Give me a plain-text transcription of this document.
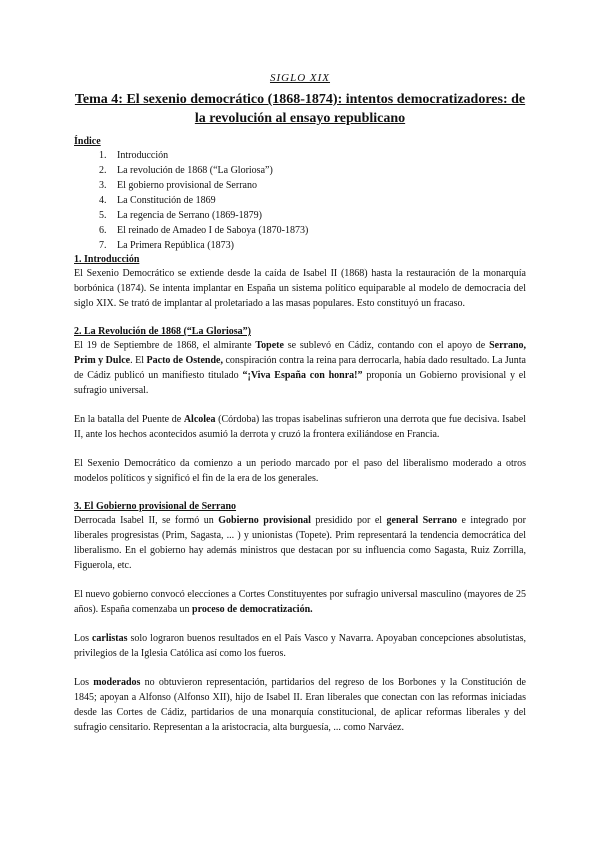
SIGLO XIX
Tema 4: El sexenio democrático (1868-1874): intentos democratizadores: de la revolución al ensayo republicano
Índice
1.	Introducción
2.	La revolución de 1868 (“La Gloriosa”)
3.	El gobierno provisional de Serrano
4.	La Constitución de 1869
5.	La regencia de Serrano (1869-1879)
6.	El reinado de Amadeo I de Saboya (1870-1873)
7.	La Primera República (1873)
1. Introducción

El Sexenio Democrático se extiende desde la caída de Isabel II (1868) hasta la restauración de la monarquía borbónica (1874). Se intenta implantar en España un sistema político equiparable al modelo de democracia del siglo XIX. Se trató de implantar al proletariado a las masas populares. Esto constituyó un fracaso.

2. La Revolución de 1868 (“La Gloriosa”)

El 19 de Septiembre de 1868, el almirante Topete se sublevó en Cádiz, contando con el apoyo de Serrano, Prim y Dulce. El Pacto de Ostende, conspiración contra la reina para derrocarla, había dado resultado. La Junta de Cádiz publicó un manifiesto titulado “¡Viva España con honra!” proponía un Gobierno provisional y el sufragio universal.

En la batalla del Puente de Alcolea (Córdoba) las tropas isabelinas sufrieron una derrota que fue decisiva. Isabel II, ante los hechos acontecidos asumió la derrota y cruzó la frontera exiliándose en Francia.

El Sexenio Democrático da comienzo a un periodo marcado por el paso del liberalismo moderado a otros modelos políticos y significó el fin de la era de los generales.

3. El Gobierno provisional de Serrano

Derrocada Isabel II, se formó un Gobierno provisional presidido por el general Serrano e integrado por liberales progresistas (Prim, Sagasta, ... ) y unionistas (Topete). Prim representará la tendencia democrática del liberalismo. En el gobierno hay además ministros que destacan por su influencia como Sagasta, Ruiz Zorrilla, Figuerola, etc.

El nuevo gobierno convocó elecciones a Cortes Constituyentes por sufragio universal masculino (mayores de 25 años). España comenzaba un proceso de democratización.

Los carlistas solo lograron buenos resultados en el País Vasco y Navarra. Apoyaban concepciones absolutistas, privilegios de la Iglesia Católica así como los fueros.

Los moderados no obtuvieron representación, partidarios del regreso de los Borbones y la Constitución de 1845; apoyan a Alfonso (Alfonso XII), hijo de Isabel II. Eran liberales que conectan con las reformas iniciadas desde las Cortes de Cádiz, partidarios de una monarquía constitucional, de aplicar reformas liberales y del sufragio censitario. Representan a la aristocracia, alta burguesía, ... como Narváez.
